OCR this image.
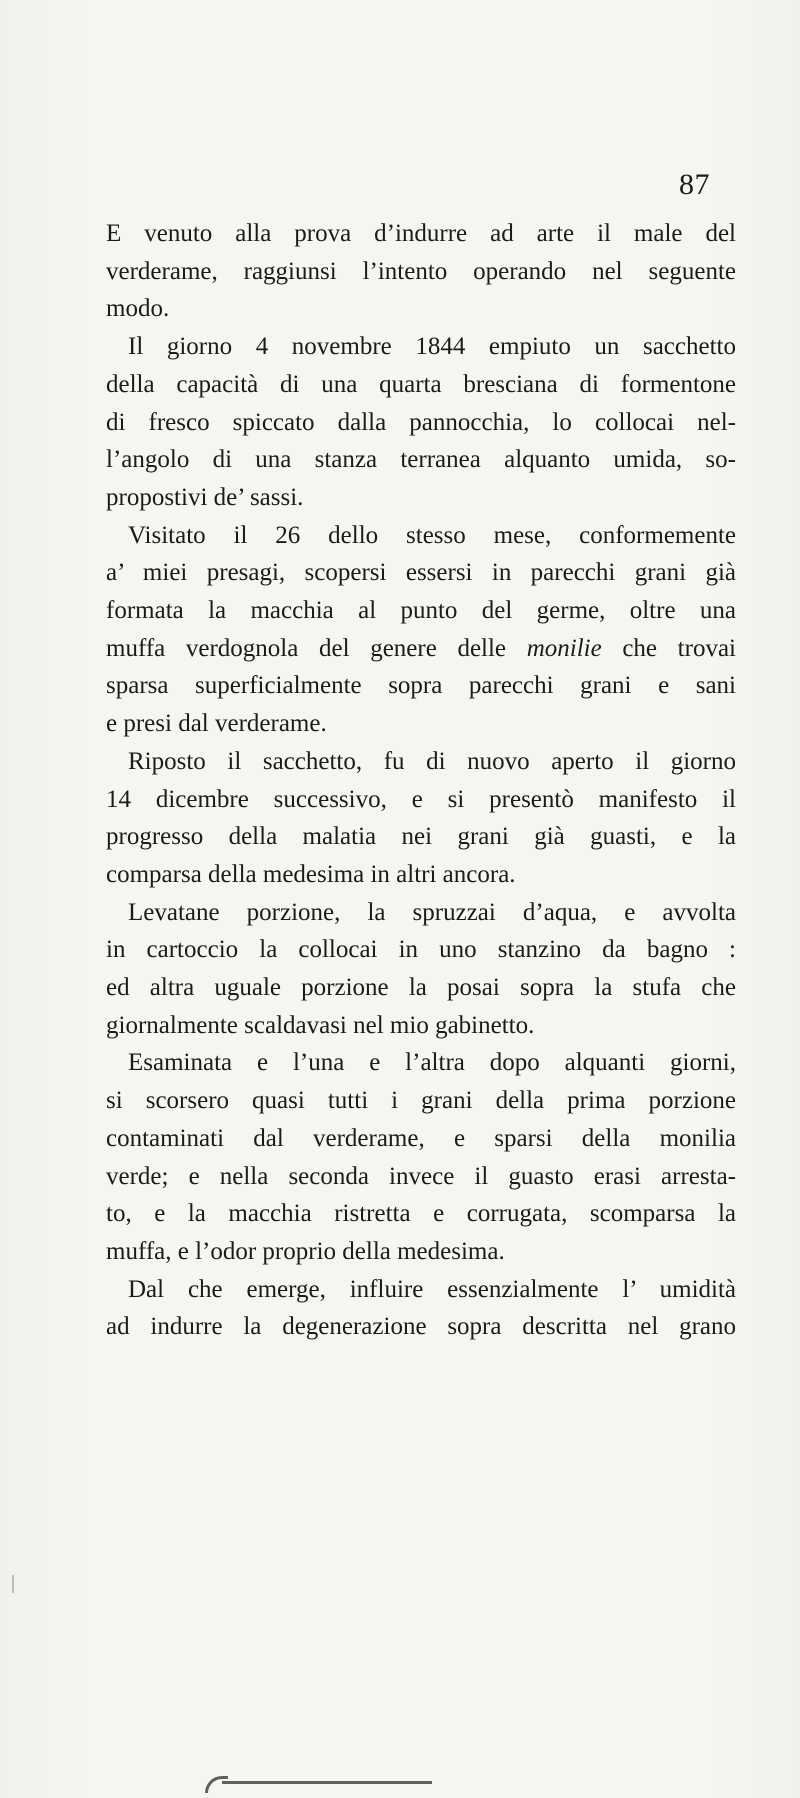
87
E venuto alla prova d’indurre ad arte il male del
verderame, raggiunsi l’intento operando nel seguente
modo.
Il giorno 4 novembre 1844 empiuto un sacchetto
della capacità di una quarta bresciana di formentone
di fresco spiccato dalla pannocchia, lo collocai nel-
l’angolo di una stanza terranea alquanto umida, so-
propostivi de’ sassi.
Visitato il 26 dello stesso mese, conformemente
a’ miei presagi, scopersi essersi in parecchi grani già
formata la macchia al punto del germe, oltre una
muffa verdognola del genere delle monilie che trovai
sparsa superficialmente sopra parecchi grani e sani
e presi dal verderame.
Riposto il sacchetto, fu di nuovo aperto il giorno
14 dicembre successivo, e si presentò manifesto il
progresso della malatia nei grani già guasti, e la
comparsa della medesima in altri ancora.
Levatane porzione, la spruzzai d’aqua, e avvolta
in cartoccio la collocai in uno stanzino da bagno :
ed altra uguale porzione la posai sopra la stufa che
giornalmente scaldavasi nel mio gabinetto.
Esaminata e l’una e l’altra dopo alquanti giorni,
si scorsero quasi tutti i grani della prima porzione
contaminati dal verderame, e sparsi della monilia
verde; e nella seconda invece il guasto erasi arresta-
to, e la macchia ristretta e corrugata, scomparsa la
muffa, e l’odor proprio della medesima.
Dal che emerge, influire essenzialmente l’ umidità
ad indurre la degenerazione sopra descritta nel grano
